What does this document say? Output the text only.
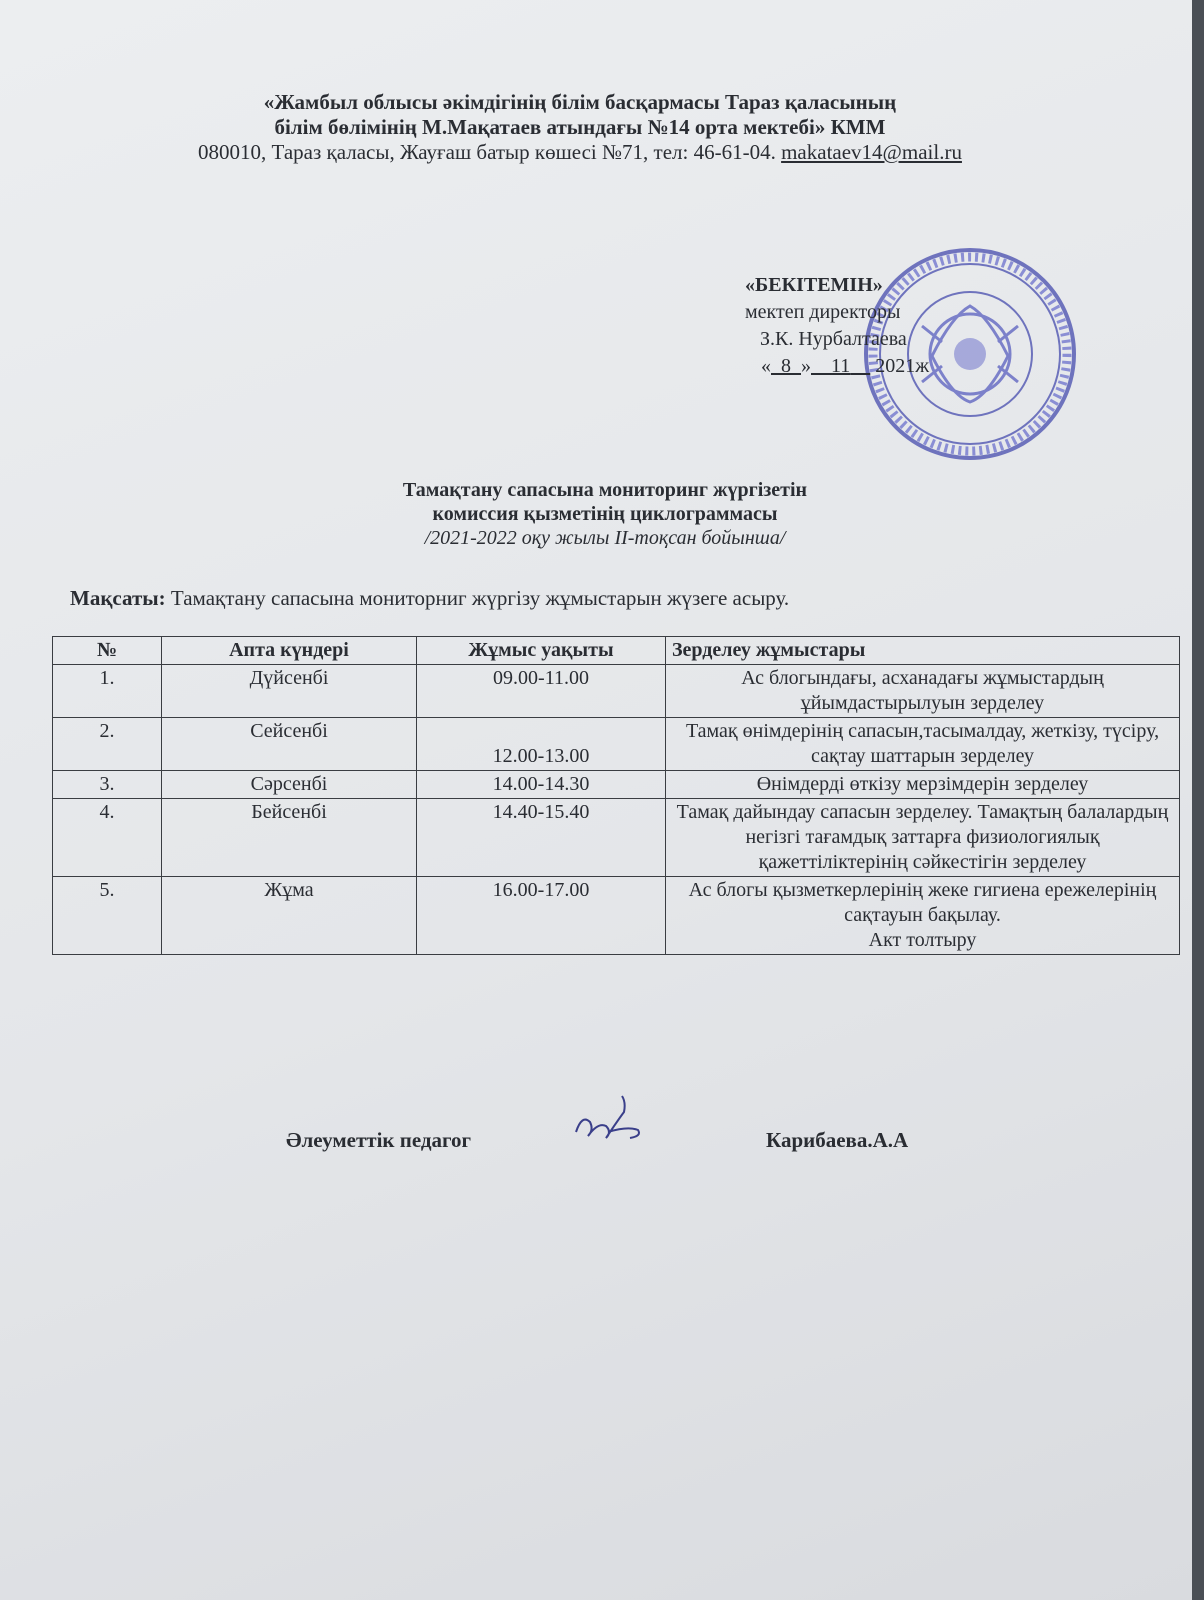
«Жамбыл облысы әкімдігінің білім басқармасы Тараз қаласының
білім бөлімінің М.Мақатаев атындағы №14 орта мектебі» КММ
080010, Тараз қаласы, Жауғаш батыр көшесі №71, тел: 46-61-04. makataev14@mail.ru
«БЕКІТЕМІН»
мектеп директоры
З.К. Нурбалтаева
« 8 » 11 2021ж
Тамақтану сапасына мониторинг жүргізетін
комиссия қызметінің циклограммасы
/2021-2022 оқу жылы ІІ-тоқсан бойынша/
Мақсаты: Тамақтану сапасына мониторниг жүргізу жұмыстарын жүзеге асыру.
№	Апта күндері	Жұмыс уақыты	Зерделеу жұмыстары
1.	Дүйсенбі	09.00-11.00	Ас блогындағы, асханадағы жұмыстардың ұйымдастырылуын зерделеу
2.	Сейсенбі	12.00-13.00	Тамақ өнімдерінің сапасын,тасымалдау, жеткізу, түсіру, сақтау шаттарын зерделеу
3.	Сәрсенбі	14.00-14.30	Өнімдерді өткізу мерзімдерін зерделеу
4.	Бейсенбі	14.40-15.40	Тамақ дайындау сапасын зерделеу. Тамақтың балалардың негізгі тағамдық заттарға физиологиялық қажеттіліктерінің сәйкестігін зерделеу
5.	Жұма	16.00-17.00	Ас блогы қызметкерлерінің жеке гигиена ережелерінің сақтауын бақылау.
Акт толтыру
Әлеуметтік педагог	Карибаева.А.А
